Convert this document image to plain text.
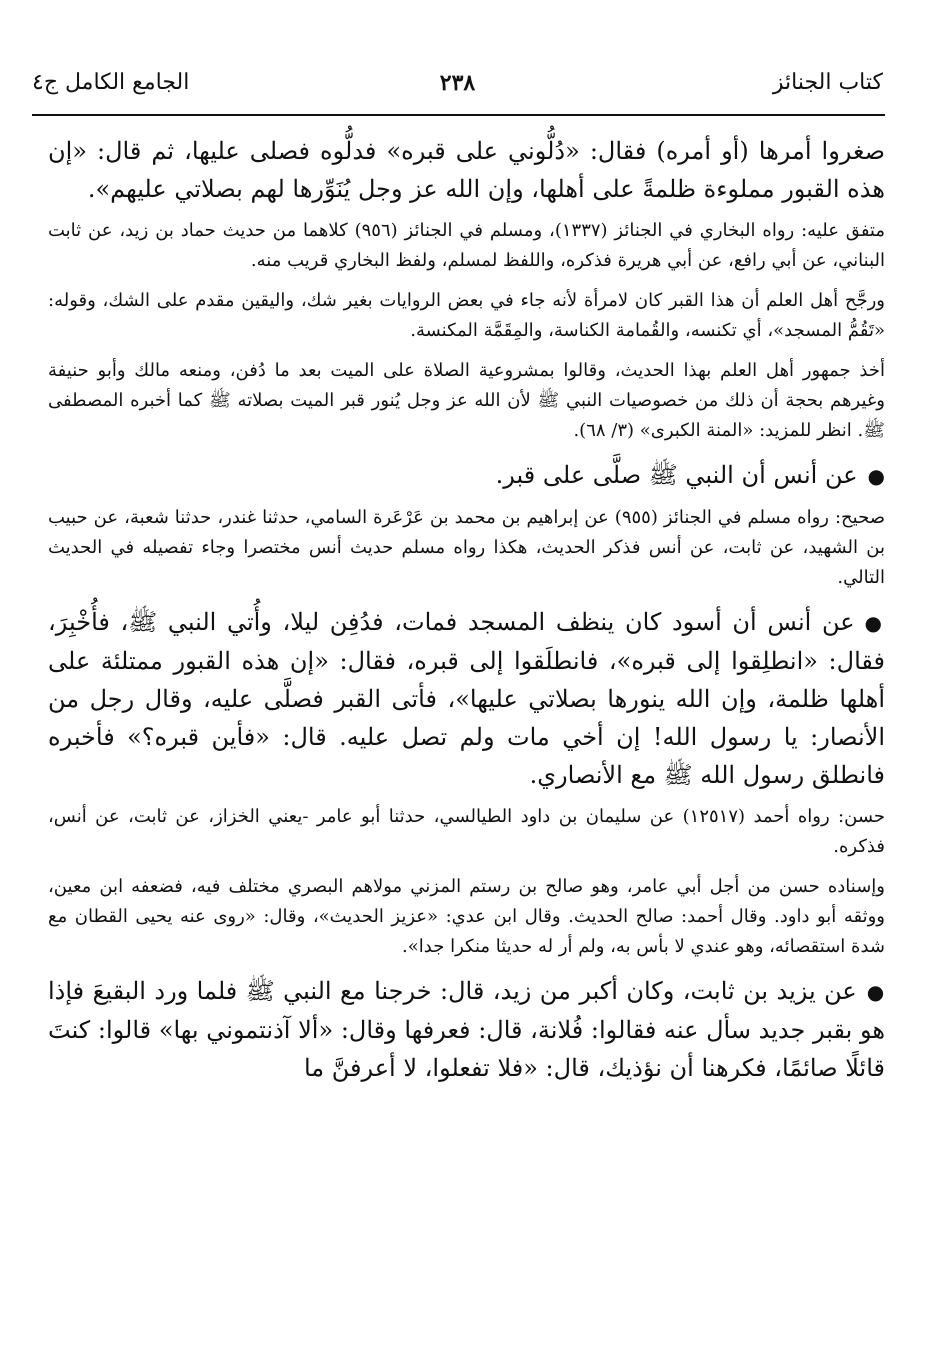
كتاب الجنائز
٢٣٨
الجامع الكامل ج٤

صغروا أمرها (أو أمره) فقال: «دُلُّوني على قبره» فدلُّوه فصلى عليها، ثم قال: «إن هذه القبور مملوءة ظلمةً على أهلها، وإن الله عز وجل يُنَوِّرها لهم بصلاتي عليهم».

متفق عليه: رواه البخاري في الجنائز (١٣٣٧)، ومسلم في الجنائز (٩٥٦) كلاهما من حديث حماد بن زيد، عن ثابت البناني، عن أبي رافع، عن أبي هريرة فذكره، واللفظ لمسلم، ولفظ البخاري قريب منه.

ورجَّح أهل العلم أن هذا القبر كان لامرأة لأنه جاء في بعض الروايات بغير شك، واليقين مقدم على الشك، وقوله: «تَقُمُّ المسجد»، أي تكنسه، والقُمامة الكناسة، والمِقَمَّة المكنسة.

أخذ جمهور أهل العلم بهذا الحديث، وقالوا بمشروعية الصلاة على الميت بعد ما دُفن، ومنعه مالك وأبو حنيفة وغيرهم بحجة أن ذلك من خصوصيات النبي ﷺ لأن الله عز وجل يُنور قبر الميت بصلاته ﷺ كما أخبره المصطفى ﷺ. انظر للمزيد: «المنة الكبرى» (٣/ ٦٨).

●عن أنس أن النبي ﷺ صلَّى على قبر.

صحيح: رواه مسلم في الجنائز (٩٥٥) عن إبراهيم بن محمد بن عَرْعَرة السامي، حدثنا غندر، حدثنا شعبة، عن حبيب بن الشهيد، عن ثابت، عن أنس فذكر الحديث، هكذا رواه مسلم حديث أنس مختصرا وجاء تفصيله في الحديث التالي.

●عن أنس أن أسود كان ينظف المسجد فمات، فدُفِن ليلا، وأُتي النبي ﷺ، فأُخْبِرَ، فقال: «انطلِقوا إلى قبره»، فانطلَقوا إلى قبره، فقال: «إن هذه القبور ممتلئة على أهلها ظلمة، وإن الله ينورها بصلاتي عليها»، فأتى القبر فصلَّى عليه، وقال رجل من الأنصار: يا رسول الله! إن أخي مات ولم تصل عليه. قال: «فأين قبره؟» فأخبره فانطلق رسول الله ﷺ مع الأنصاري.

حسن: رواه أحمد (١٢٥١٧) عن سليمان بن داود الطيالسي، حدثنا أبو عامر -يعني الخزاز، عن ثابت، عن أنس، فذكره.

وإسناده حسن من أجل أبي عامر، وهو صالح بن رستم المزني مولاهم البصري مختلف فيه، فضعفه ابن معين، ووثقه أبو داود. وقال أحمد: صالح الحديث. وقال ابن عدي: «عزيز الحديث»، وقال: «روى عنه يحيى القطان مع شدة استقصائه، وهو عندي لا بأس به، ولم أر له حديثا منكرا جدا».

●عن يزيد بن ثابت، وكان أكبر من زيد، قال: خرجنا مع النبي ﷺ فلما ورد البقيعَ فإذا هو بقبر جديد سأل عنه فقالوا: فُلانة، قال: فعرفها وقال: «ألا آذنتموني بها» قالوا: كنتَ قائلًا صائمًا، فكرهنا أن نؤذيك، قال: «فلا تفعلوا، لا أعرفنَّ ما
